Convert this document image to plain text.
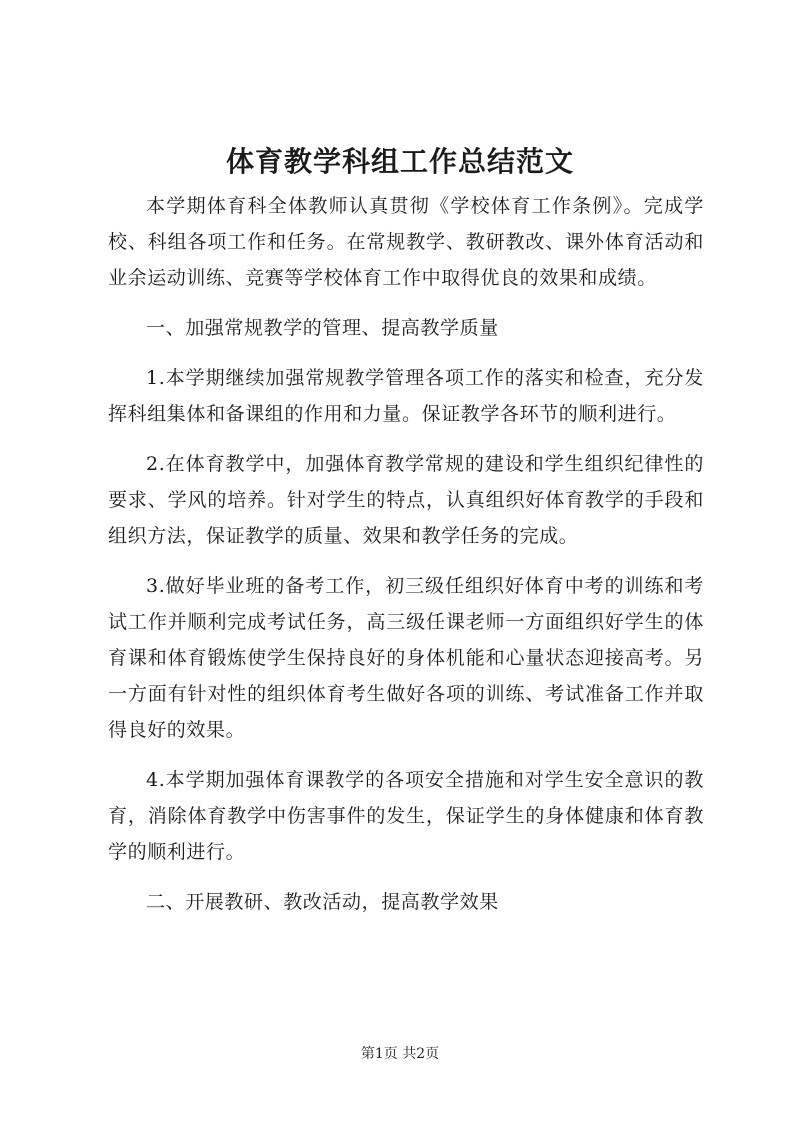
体育教学科组工作总结范文

本学期体育科全体教师认真贯彻《学校体育工作条例》。完成学校、科组各项工作和任务。在常规教学、教研教改、课外体育活动和业余运动训练、竞赛等学校体育工作中取得优良的效果和成绩。

一、加强常规教学的管理、提高教学质量

1.本学期继续加强常规教学管理各项工作的落实和检查，充分发挥科组集体和备课组的作用和力量。保证教学各环节的顺利进行。

2.在体育教学中，加强体育教学常规的建设和学生组织纪律性的要求、学风的培养。针对学生的特点，认真组织好体育教学的手段和组织方法，保证教学的质量、效果和教学任务的完成。

3.做好毕业班的备考工作，初三级任组织好体育中考的训练和考试工作并顺利完成考试任务，高三级任课老师一方面组织好学生的体育课和体育锻炼使学生保持良好的身体机能和心量状态迎接高考。另一方面有针对性的组织体育考生做好各项的训练、考试准备工作并取得良好的效果。

4.本学期加强体育课教学的各项安全措施和对学生安全意识的教育，消除体育教学中伤害事件的发生，保证学生的身体健康和体育教学的顺利进行。

二、开展教研、教改活动，提高教学效果

第1页 共2页
